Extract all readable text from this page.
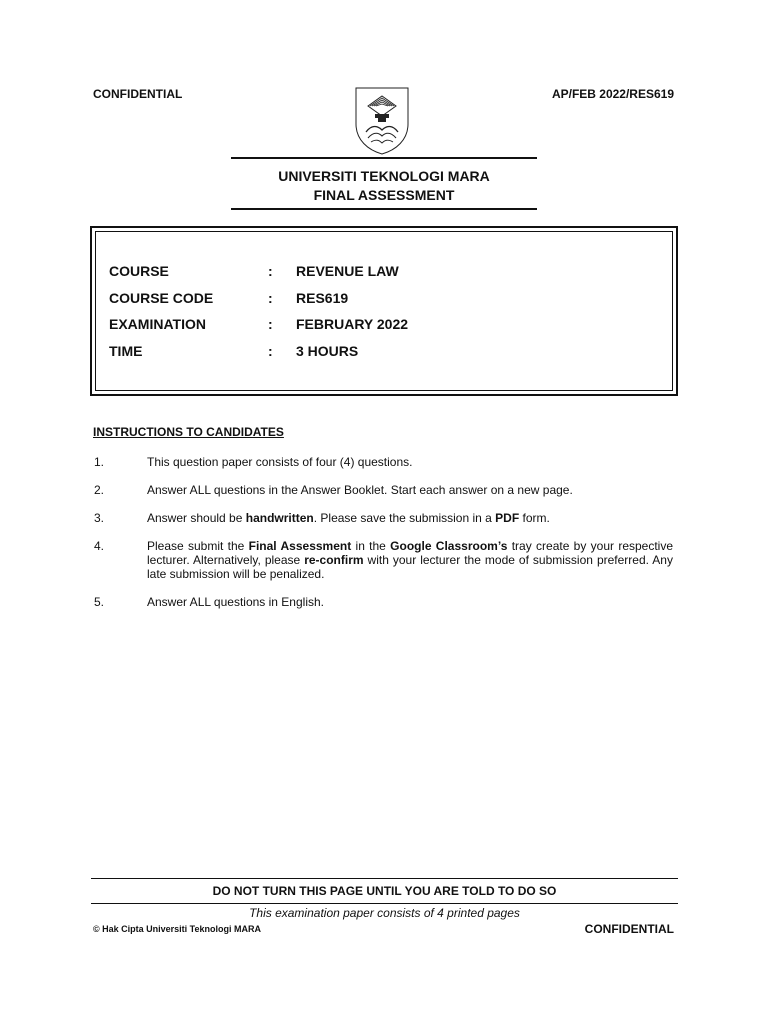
CONFIDENTIAL	AP/FEB 2022/RES619
UNIVERSITI TEKNOLOGI MARA
FINAL ASSESSMENT
COURSE	: REVENUE LAW
COURSE CODE	: RES619
EXAMINATION	: FEBRUARY 2022
TIME	: 3 HOURS
INSTRUCTIONS TO CANDIDATES
1.	This question paper consists of four (4) questions.
2.	Answer ALL questions in the Answer Booklet. Start each answer on a new page.
3.	Answer should be handwritten. Please save the submission in a PDF form.
4.	Please submit the Final Assessment in the Google Classroom’s tray create by your respective lecturer. Alternatively, please re-confirm with your lecturer the mode of submission preferred. Any late submission will be penalized.
5.	Answer ALL questions in English.
DO NOT TURN THIS PAGE UNTIL YOU ARE TOLD TO DO SO
This examination paper consists of 4 printed pages
© Hak Cipta Universiti Teknologi MARA	CONFIDENTIAL
